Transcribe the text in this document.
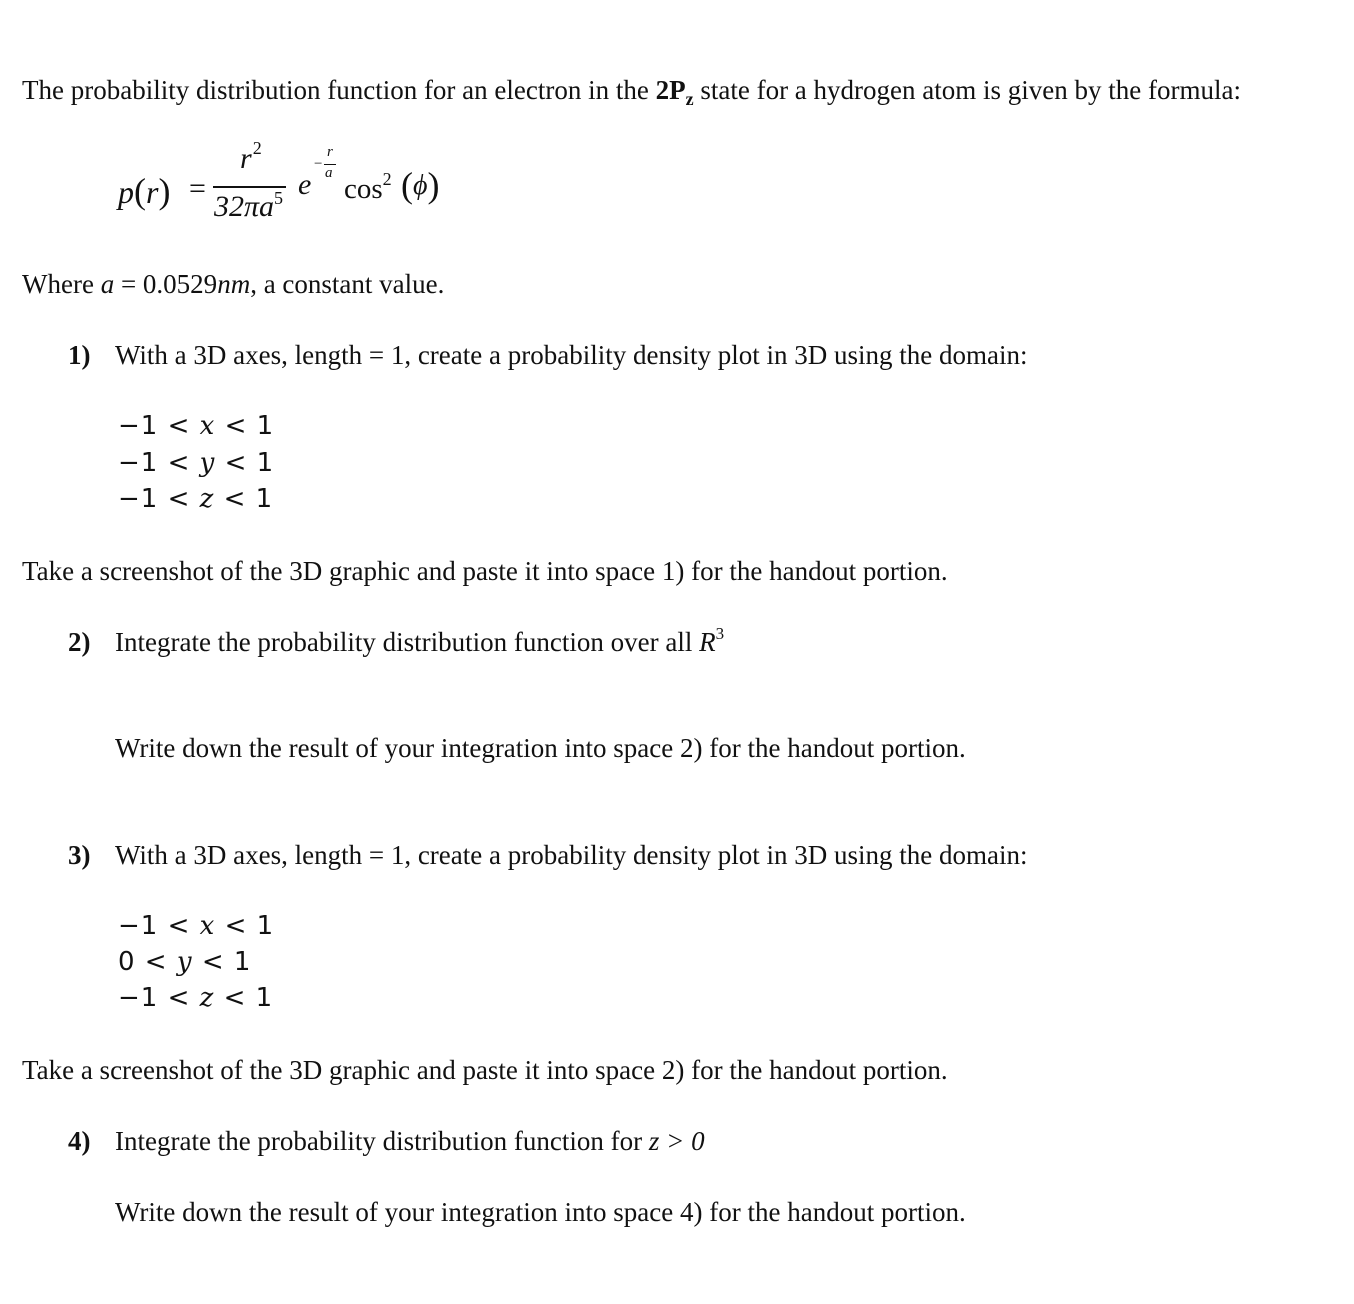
The probability distribution function for an electron in the $2P_z$ state for a hydrogen atom is given by the formula:
p(r) =
$r^2$
$32\pi a^5$ e
−
r
a $\cos^2 (\phi)$
Where a = 0.0529nm, a constant value.
1) With a 3D axes, length = 1, create a probability density plot in 3D using the domain:
−1 < x < 1
−1 < y < 1
−1 < z < 1
Take a screenshot of the 3D graphic and paste it into space 1) for the handout portion.
2) Integrate the probability distribution function over all $R^3$
Write down the result of your integration into space 2) for the handout portion.
3) With a 3D axes, length = 1, create a probability density plot in 3D using the domain:
−1 < x < 1
0 < y < 1
−1 < z < 1
Take a screenshot of the 3D graphic and paste it into space 2) for the handout portion.
4) Integrate the probability distribution function for z > 0
Write down the result of your integration into space 4) for the handout portion.
